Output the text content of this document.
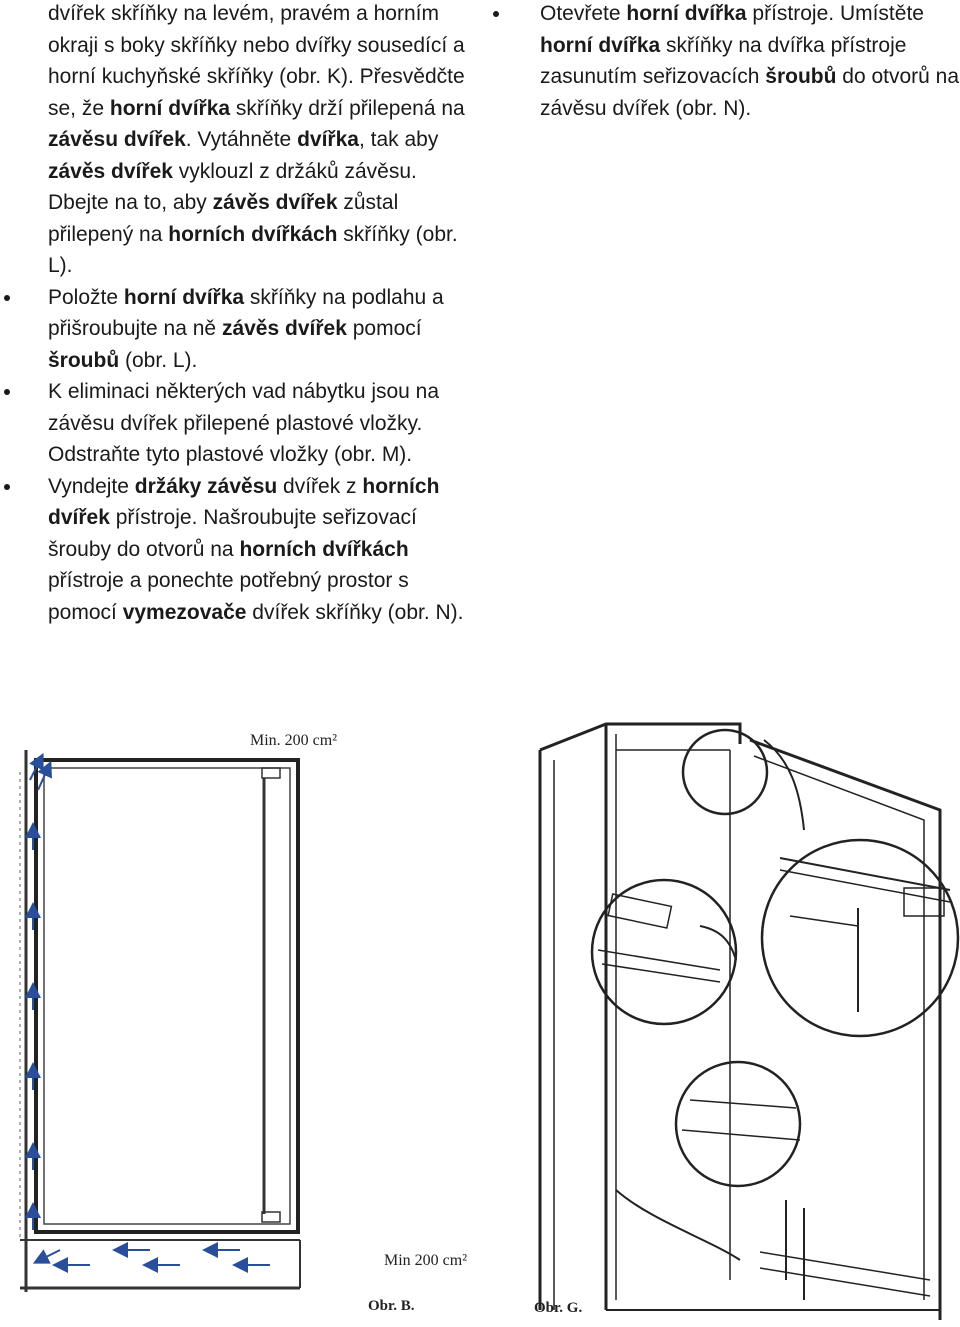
dvířek skříňky na levém, pravém a horním okraji s boky skříňky nebo dvířky sousedící a horní kuchyňské skříňky (obr. K). Přesvědčte se, že horní dvířka skříňky drží přilepená na závěsu dvířek. Vytáhněte dvířka, tak aby závěs dvířek vyklouzl z držáků závěsu. Dbejte na to, aby závěs dvířek zůstal přilepený na horních dvířkách skříňky (obr. L).

Položte horní dvířka skříňky na podlahu a přišroubujte na ně závěs dvířek pomocí šroubů (obr. L).

K eliminaci některých vad nábytku jsou na závěsu dvířek přilepené plastové vložky. Odstraňte tyto plastové vložky (obr. M).

Vyndejte držáky závěsu dvířek z horních dvířek přístroje. Našroubujte seřizovací šrouby do otvorů na horních dvířkách přístroje a ponechte potřebný prostor s pomocí vymezovače dvířek skříňky (obr. N).

Otevřete horní dvířka přístroje. Umístěte horní dvířka skříňky na dvířka přístroje zasunutím seřizovacích šroubů do otvorů na závěsu dvířek (obr. N).

Min. 200 cm²
Min 200 cm²
Obr. B.	Obr. G.
